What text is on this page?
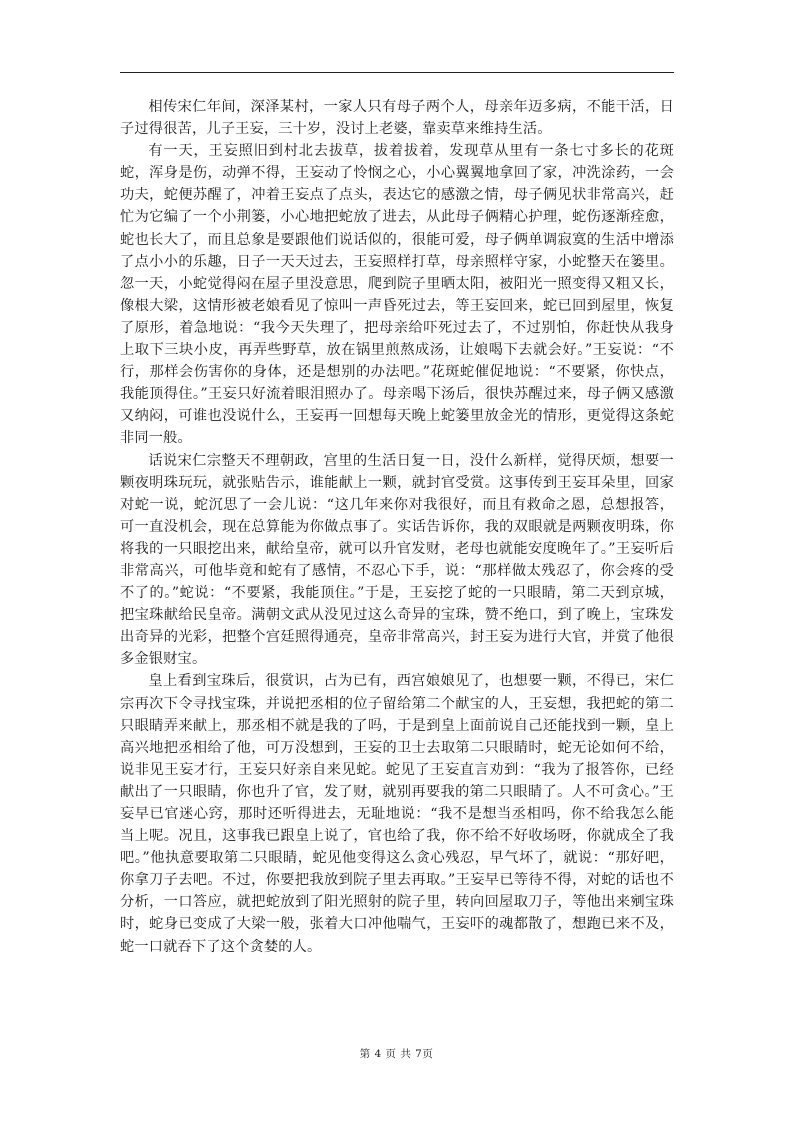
相传宋仁年间，深泽某村，一家人只有母子两个人，母亲年迈多病，不能干活，日子过得很苦，儿子王妄，三十岁，没讨上老婆，靠卖草来维持生活。

有一天，王妄照旧到村北去拔草，拔着拔着，发现草从里有一条七寸多长的花斑蛇，浑身是伤，动弹不得，王妄动了怜悯之心，小心翼翼地拿回了家，冲洗涂药，一会功夫，蛇便苏醒了，冲着王妄点了点头，表达它的感激之情，母子俩见状非常高兴，赶忙为它编了一个小荆篓，小心地把蛇放了进去，从此母子俩精心护理，蛇伤逐渐痊愈，蛇也长大了，而且总象是要跟他们说话似的，很能可爱，母子俩单调寂寞的生活中增添了点小小的乐趣，日子一天天过去，王妄照样打草，母亲照样守家，小蛇整天在篓里。忽一天，小蛇觉得闷在屋子里没意思，爬到院子里晒太阳，被阳光一照变得又粗又长，像根大梁，这情形被老娘看见了惊叫一声昏死过去，等王妄回来，蛇已回到屋里，恢复了原形，着急地说：“我今天失理了，把母亲给吓死过去了，不过别怕，你赶快从我身上取下三块小皮，再弄些野草，放在锅里煎熬成汤，让娘喝下去就会好。”王妄说：“不行，那样会伤害你的身体，还是想别的办法吧。”花斑蛇催促地说：“不要紧，你快点，我能顶得住。”王妄只好流着眼泪照办了。母亲喝下汤后，很快苏醒过来，母子俩又感激又纳闷，可谁也没说什么，王妄再一回想每天晚上蛇篓里放金光的情形，更觉得这条蛇非同一般。

话说宋仁宗整天不理朝政，宫里的生活日复一日，没什么新样，觉得厌烦，想要一颗夜明珠玩玩，就张贴告示，谁能献上一颗，就封官受赏。这事传到王妄耳朵里，回家对蛇一说，蛇沉思了一会儿说：“这几年来你对我很好，而且有救命之恩，总想报答，可一直没机会，现在总算能为你做点事了。实话告诉你，我的双眼就是两颗夜明珠，你将我的一只眼挖出来，献给皇帝，就可以升官发财，老母也就能安度晚年了。”王妄听后非常高兴，可他毕竟和蛇有了感情，不忍心下手，说：“那样做太残忍了，你会疼的受不了的。”蛇说：“不要紧，我能顶住。”于是，王妄挖了蛇的一只眼睛，第二天到京城，把宝珠献给民皇帝。满朝文武从没见过这么奇异的宝珠，赞不绝口，到了晚上，宝珠发出奇异的光彩，把整个宫廷照得通亮，皇帝非常高兴，封王妄为进行大官，并赏了他很多金银财宝。

皇上看到宝珠后，很赏识，占为已有，西宫娘娘见了，也想要一颗，不得已，宋仁宗再次下令寻找宝珠，并说把丞相的位子留给第二个献宝的人，王妄想，我把蛇的第二只眼睛弄来献上，那丞相不就是我的了吗，于是到皇上面前说自己还能找到一颗，皇上高兴地把丞相给了他，可万没想到，王妄的卫士去取第二只眼睛时，蛇无论如何不给，说非见王妄才行，王妄只好亲自来见蛇。蛇见了王妄直言劝到：“我为了报答你，已经献出了一只眼睛，你也升了官，发了财，就别再要我的第二只眼睛了。人不可贪心。”王妄早已官迷心窍，那时还听得进去，无耻地说：“我不是想当丞相吗，你不给我怎么能当上呢。况且，这事我已跟皇上说了，官也给了我，你不给不好收场呀，你就成全了我吧。”他执意要取第二只眼睛，蛇见他变得这么贪心残忍，早气坏了，就说：“那好吧，你拿刀子去吧。不过，你要把我放到院子里去再取。”王妄早已等待不得，对蛇的话也不分析，一口答应，就把蛇放到了阳光照射的院子里，转向回屋取刀子，等他出来剜宝珠时，蛇身已变成了大梁一般，张着大口冲他喘气，王妄吓的魂都散了，想跑已来不及，蛇一口就吞下了这个贪婪的人。

第 4 页 共 7页
